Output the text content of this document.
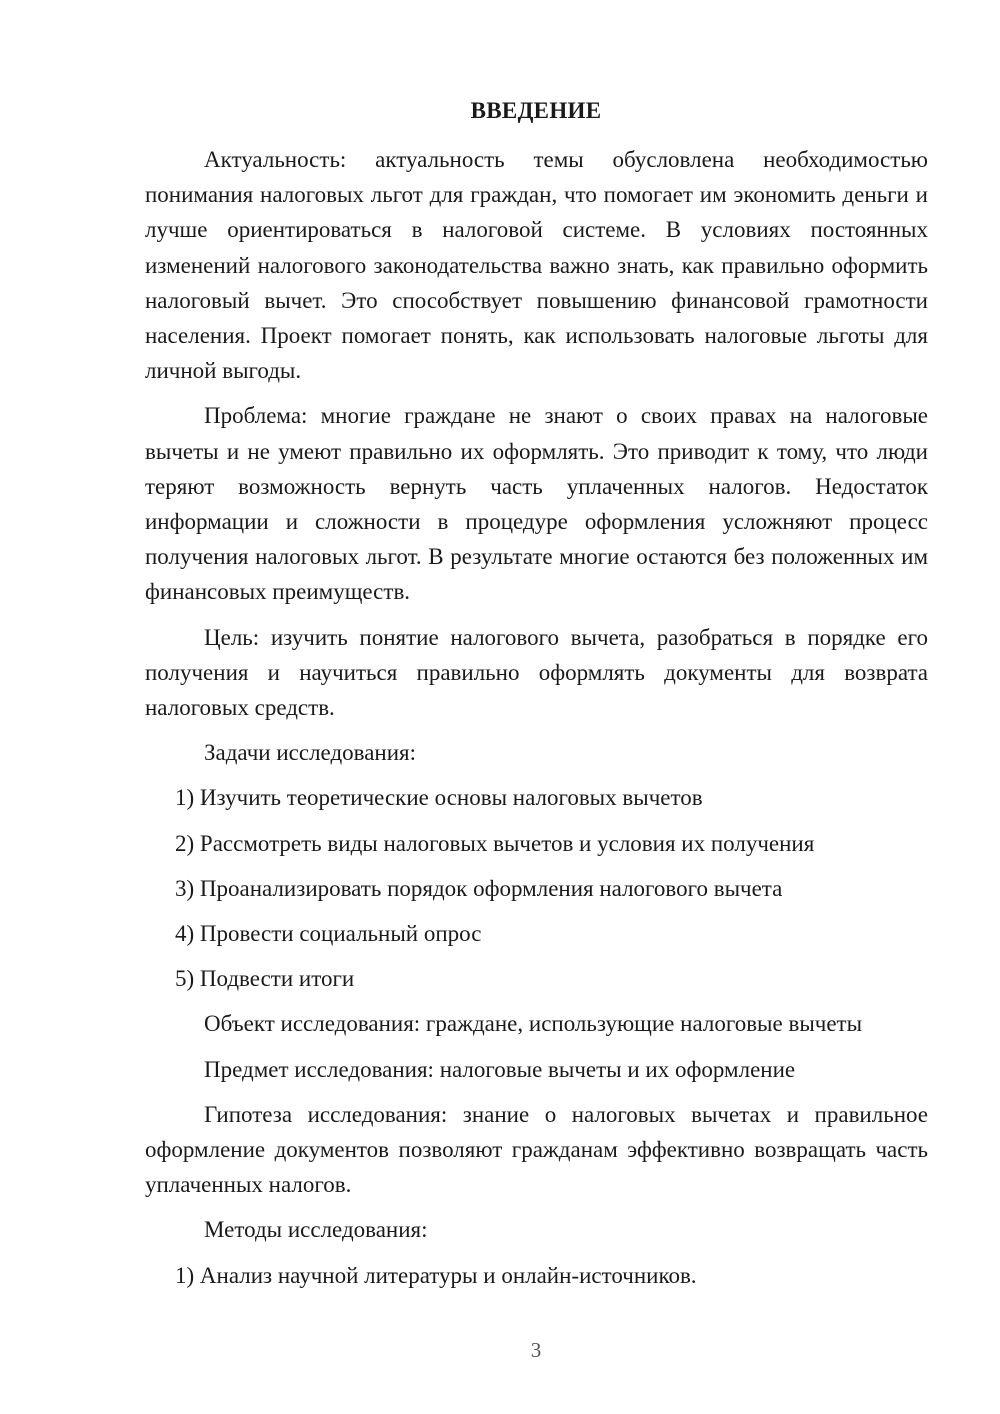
ВВЕДЕНИЕ

Актуальность: актуальность темы обусловлена необходимостью понимания налоговых льгот для граждан, что помогает им экономить деньги и лучше ориентироваться в налоговой системе. В условиях постоянных изменений налогового законодательства важно знать, как правильно оформить налоговый вычет. Это способствует повышению финансовой грамотности населения. Проект помогает понять, как использовать налоговые льготы для личной выгоды.

Проблема: многие граждане не знают о своих правах на налоговые вычеты и не умеют правильно их оформлять. Это приводит к тому, что люди теряют возможность вернуть часть уплаченных налогов. Недостаток информации и сложности в процедуре оформления усложняют процесс получения налоговых льгот. В результате многие остаются без положенных им финансовых преимуществ.

Цель: изучить понятие налогового вычета, разобраться в порядке его получения и научиться правильно оформлять документы для возврата налоговых средств.

Задачи исследования:

1) Изучить теоретические основы налоговых вычетов

2) Рассмотреть виды налоговых вычетов и условия их получения

3) Проанализировать порядок оформления налогового вычета

4) Провести социальный опрос

5) Подвести итоги

Объект исследования: граждане, использующие налоговые вычеты

Предмет исследования: налоговые вычеты и их оформление

Гипотеза исследования: знание о налоговых вычетах и правильное оформление документов позволяют гражданам эффективно возвращать часть уплаченных налогов.

Методы исследования:

1) Анализ научной литературы и онлайн-источников.

3
